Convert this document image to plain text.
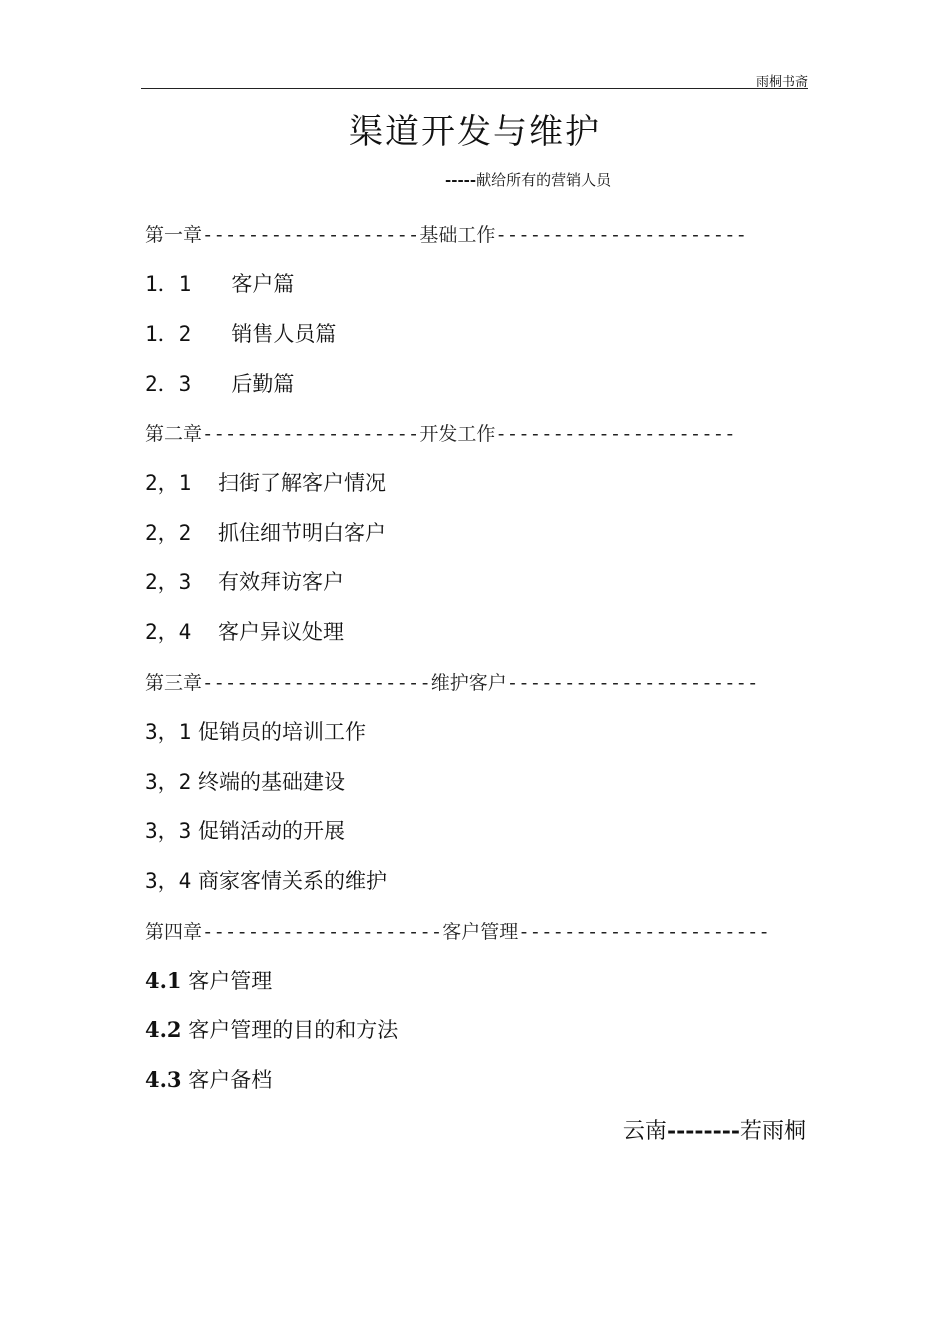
雨桐书斋
渠道开发与维护
-----献给所有的营销人员
第一章-------------------基础工作----------------------
1．1 客户篇
1．2 销售人员篇
2．3 后勤篇
第二章-------------------开发工作---------------------
2，1 扫街了解客户情况
2，2 抓住细节明白客户
2，3 有效拜访客户
2，4 客户异议处理
第三章--------------------维护客户----------------------
3，1 促销员的培训工作
3，2 终端的基础建设
3，3 促销活动的开展
3，4 商家客情关系的维护
第四章---------------------客户管理----------------------
4.1 客户管理
4.2 客户管理的目的和方法
4.3 客户备档
云南--------若雨桐
